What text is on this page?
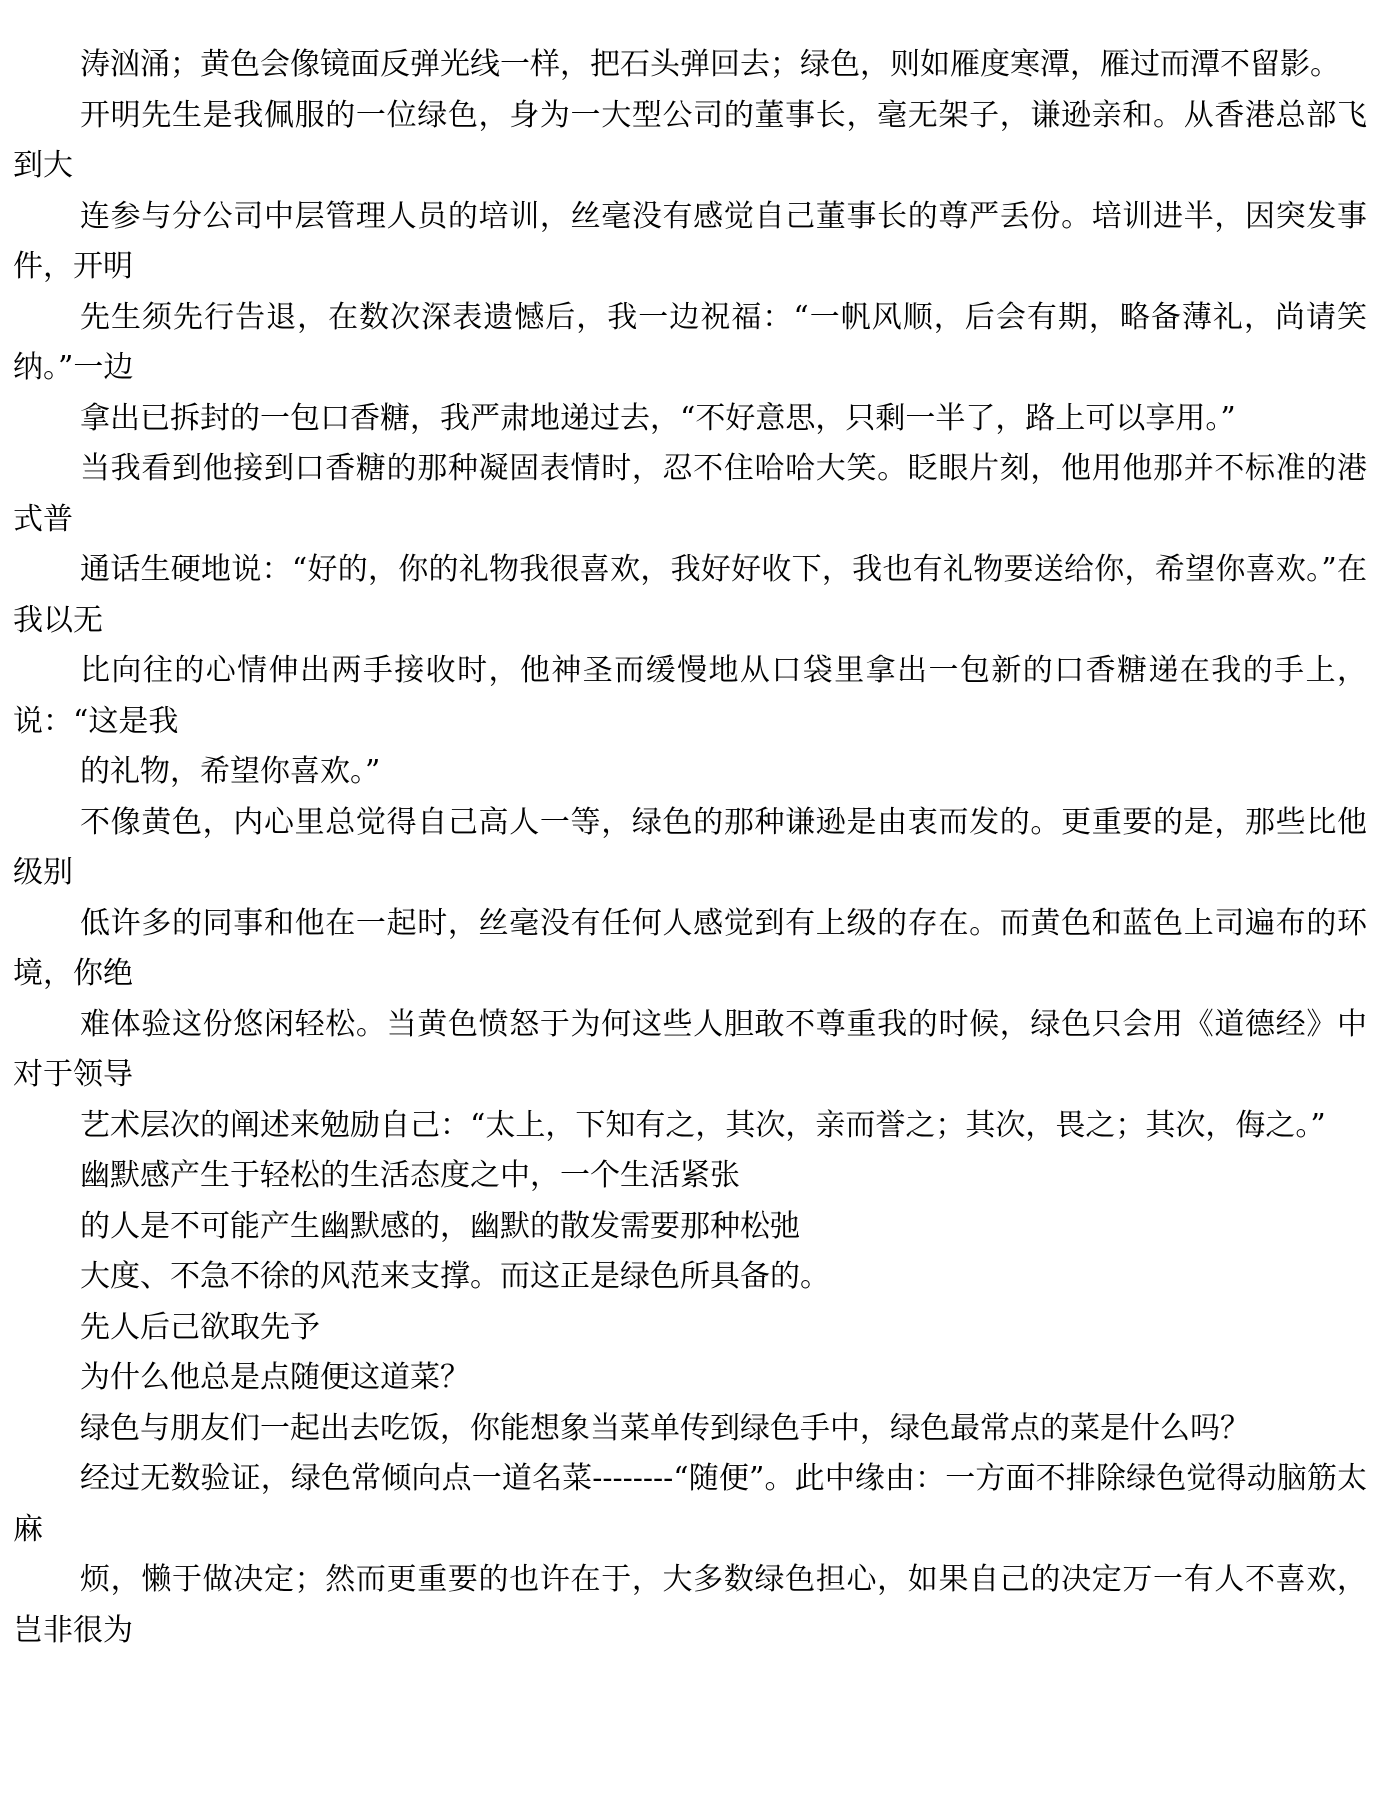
涛汹涌；黄色会像镜面反弹光线一样，把石头弹回去；绿色，则如雁度寒潭，雁过而潭不留影。

开明先生是我佩服的一位绿色，身为一大型公司的董事长，毫无架子，谦逊亲和。从香港总部飞到大

连参与分公司中层管理人员的培训，丝毫没有感觉自己董事长的尊严丢份。培训进半，因突发事件，开明

先生须先行告退，在数次深表遗憾后，我一边祝福：“一帆风顺，后会有期，略备薄礼，尚请笑纳。”一边

拿出已拆封的一包口香糖，我严肃地递过去，“不好意思，只剩一半了，路上可以享用。”

当我看到他接到口香糖的那种凝固表情时，忍不住哈哈大笑。眨眼片刻，他用他那并不标准的港式普

通话生硬地说：“好的，你的礼物我很喜欢，我好好收下，我也有礼物要送给你，希望你喜欢。”在我以无

比向往的心情伸出两手接收时，他神圣而缓慢地从口袋里拿出一包新的口香糖递在我的手上，说：“这是我

的礼物，希望你喜欢。”

不像黄色，内心里总觉得自己高人一等，绿色的那种谦逊是由衷而发的。更重要的是，那些比他级别

低许多的同事和他在一起时，丝毫没有任何人感觉到有上级的存在。而黄色和蓝色上司遍布的环境，你绝

难体验这份悠闲轻松。当黄色愤怒于为何这些人胆敢不尊重我的时候，绿色只会用《道德经》中对于领导

艺术层次的阐述来勉励自己：“太上，下知有之，其次，亲而誉之；其次，畏之；其次，侮之。”

幽默感产生于轻松的生活态度之中，一个生活紧张

的人是不可能产生幽默感的，幽默的散发需要那种松弛

大度、不急不徐的风范来支撑。而这正是绿色所具备的。

先人后己欲取先予

为什么他总是点随便这道菜？

绿色与朋友们一起出去吃饭，你能想象当菜单传到绿色手中，绿色最常点的菜是什么吗？

经过无数验证，绿色常倾向点一道名菜--------“随便”。此中缘由：一方面不排除绿色觉得动脑筋太麻

烦，懒于做决定；然而更重要的也许在于，大多数绿色担心，如果自己的决定万一有人不喜欢，岂非很为
